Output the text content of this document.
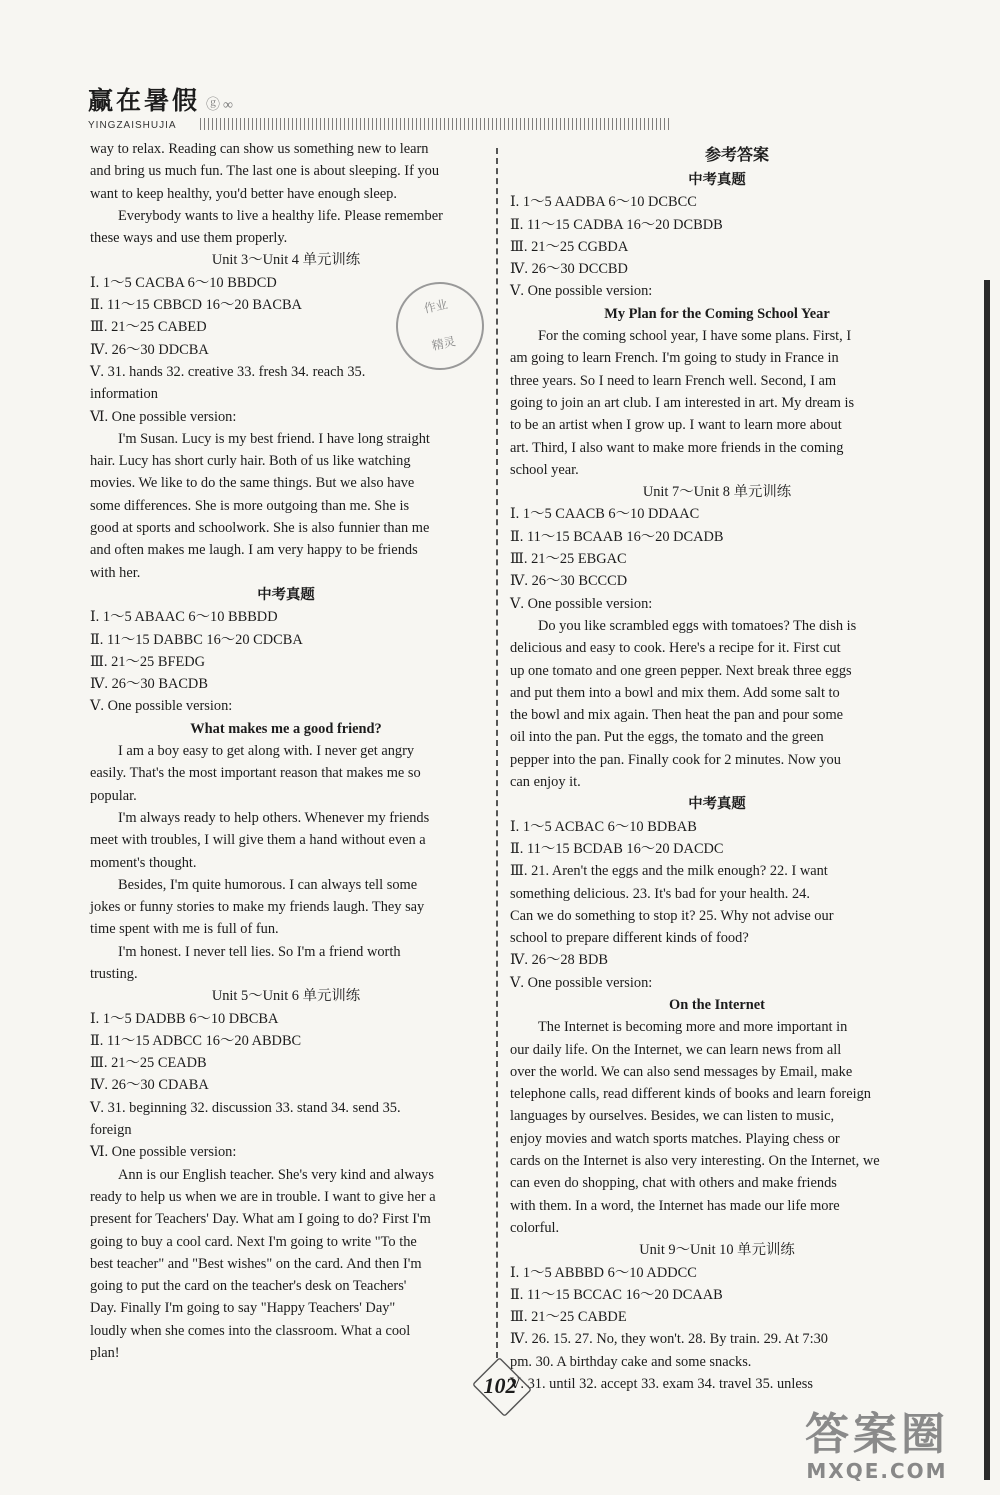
赢在暑假 ⓖ∞
YINGZAISHUJIA
way to relax. Reading can show us something new to learn
and bring us much fun. The last one is about sleeping. If you
want to keep healthy, you'd better have enough sleep.
Everybody wants to live a healthy life. Please remember
these ways and use them properly.
Unit 3～Unit 4 单元训练
Ⅰ. 1～5 CACBA 6～10 BBDCD
Ⅱ. 11～15 CBBCD 16～20 BACBA
Ⅲ. 21～25 CABED
Ⅳ. 26～30 DDCBA
Ⅴ. 31. hands 32. creative 33. fresh 34. reach 35.
information
Ⅵ. One possible version:
I'm Susan. Lucy is my best friend. I have long straight
hair. Lucy has short curly hair. Both of us like watching
movies. We like to do the same things. But we also have
some differences. She is more outgoing than me. She is
good at sports and schoolwork. She is also funnier than me
and often makes me laugh. I am very happy to be friends
with her.
中考真题
Ⅰ. 1～5 ABAAC 6～10 BBBDD
Ⅱ. 11～15 DABBC 16～20 CDCBA
Ⅲ. 21～25 BFEDG
Ⅳ. 26～30 BACDB
Ⅴ. One possible version:
What makes me a good friend?
I am a boy easy to get along with. I never get angry
easily. That's the most important reason that makes me so
popular.
I'm always ready to help others. Whenever my friends
meet with troubles, I will give them a hand without even a
moment's thought.
Besides, I'm quite humorous. I can always tell some
jokes or funny stories to make my friends laugh. They say
time spent with me is full of fun.
I'm honest. I never tell lies. So I'm a friend worth
trusting.
Unit 5～Unit 6 单元训练
Ⅰ. 1～5 DADBB 6～10 DBCBA
Ⅱ. 11～15 ADBCC 16～20 ABDBC
Ⅲ. 21～25 CEADB
Ⅳ. 26～30 CDABA
Ⅴ. 31. beginning 32. discussion 33. stand 34. send 35.
foreign
Ⅵ. One possible version:
Ann is our English teacher. She's very kind and always
ready to help us when we are in trouble. I want to give her a
present for Teachers' Day. What am I going to do? First I'm
going to buy a cool card. Next I'm going to write "To the
best teacher" and "Best wishes" on the card. And then I'm
going to put the card on the teacher's desk on Teachers'
Day. Finally I'm going to say "Happy Teachers' Day"
loudly when she comes into the classroom. What a cool
plan!
参考答案
中考真题
Ⅰ. 1～5 AADBA 6～10 DCBCC
Ⅱ. 11～15 CADBA 16～20 DCBDB
Ⅲ. 21～25 CGBDA
Ⅳ. 26～30 DCCBD
Ⅴ. One possible version:
My Plan for the Coming School Year
For the coming school year, I have some plans. First, I
am going to learn French. I'm going to study in France in
three years. So I need to learn French well. Second, I am
going to join an art club. I am interested in art. My dream is
to be an artist when I grow up. I want to learn more about
art. Third, I also want to make more friends in the coming
school year.
Unit 7～Unit 8 单元训练
Ⅰ. 1～5 CAACB 6～10 DDAAC
Ⅱ. 11～15 BCAAB 16～20 DCADB
Ⅲ. 21～25 EBGAC
Ⅳ. 26～30 BCCCD
Ⅴ. One possible version:
Do you like scrambled eggs with tomatoes? The dish is
delicious and easy to cook. Here's a recipe for it. First cut
up one tomato and one green pepper. Next break three eggs
and put them into a bowl and mix them. Add some salt to
the bowl and mix again. Then heat the pan and pour some
oil into the pan. Put the eggs, the tomato and the green
pepper into the pan. Finally cook for 2 minutes. Now you
can enjoy it.
中考真题
Ⅰ. 1～5 ACBAC 6～10 BDBAB
Ⅱ. 11～15 BCDAB 16～20 DACDC
Ⅲ. 21. Aren't the eggs and the milk enough? 22. I want
something delicious. 23. It's bad for your health. 24.
Can we do something to stop it? 25. Why not advise our
school to prepare different kinds of food?
Ⅳ. 26～28 BDB
Ⅴ. One possible version:
On the Internet
The Internet is becoming more and more important in
our daily life. On the Internet, we can learn news from all
over the world. We can also send messages by Email, make
telephone calls, read different kinds of books and learn foreign
languages by ourselves. Besides, we can listen to music,
enjoy movies and watch sports matches. Playing chess or
cards on the Internet is also very interesting. On the Internet, we
can even do shopping, chat with others and make friends
with them. In a word, the Internet has made our life more
colorful.
Unit 9～Unit 10 单元训练
Ⅰ. 1～5 ABBBD 6～10 ADDCC
Ⅱ. 11～15 BCCAC 16～20 DCAAB
Ⅲ. 21～25 CABDE
Ⅳ. 26. 15. 27. No, they won't. 28. By train. 29. At 7:30
pm. 30. A birthday cake and some snacks.
Ⅴ. 31. until 32. accept 33. exam 34. travel 35. unless
作业
精灵
102
答案圈
MXQE.COM
